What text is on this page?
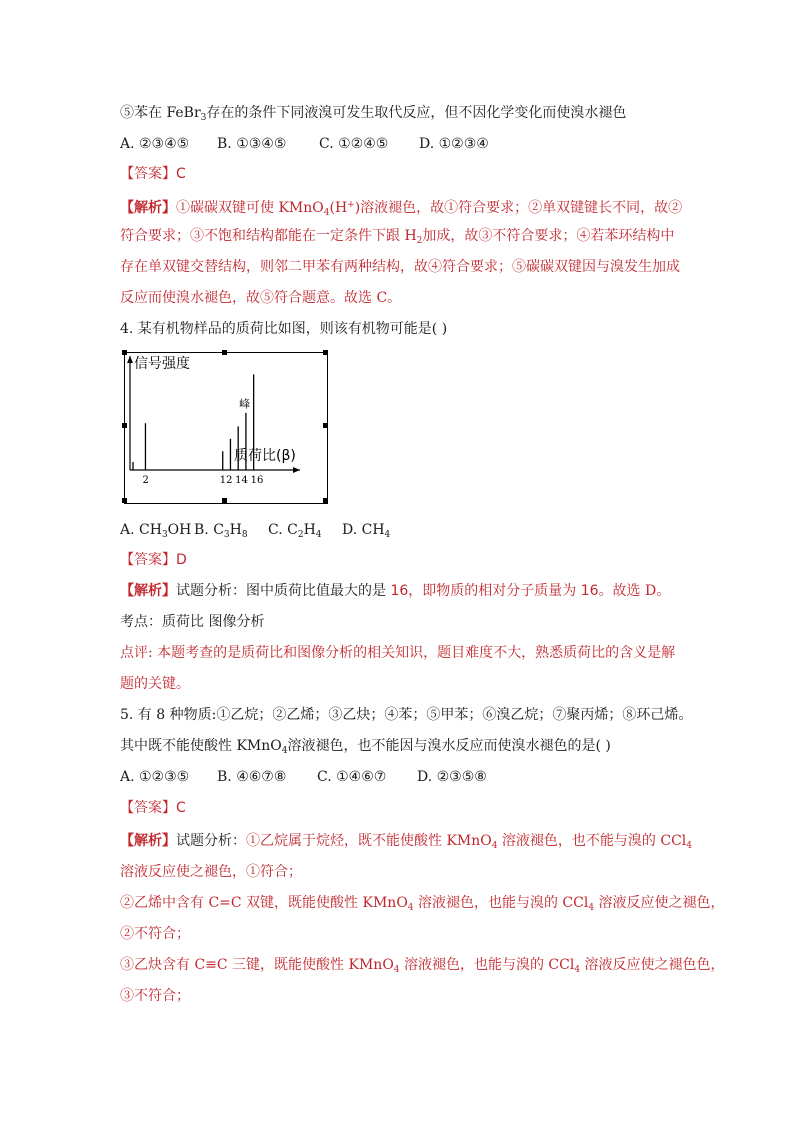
⑤苯在 FeBr$_3$存在的条件下同液溴可发生取代反应，但不因化学变化而使溴水褪色
A. ②③④⑤ B. ①③④⑤ C. ①②④⑤ D. ①②③④
【答案】C
【解析】①碳碳双键可使 KMnO$_4$(H+)溶液褪色，故①符合要求；②单双键键长不同，故②
符合要求；③不饱和结构都能在一定条件下跟 $H_2$加成，故③不符合要求；④若苯环结构中
存在单双键交替结构，则邻二甲苯有两种结构，故④符合要求；⑤碳碳双键因与溴发生加成
反应而使溴水褪色，故⑤符合题意。故选 C。
4. 某有机物样品的质荷比如图，则该有机物可能是( )
信号强度
质荷比(β)
2	12 14 16
峰
A. $CH_3OH$ B. $C_3H_8$ C. $C_2H_4$ D. $CH_4$
【答案】D
【解析】试题分析：图中质荷比值最大的是 16，即物质的相对分子质量为 16。故选 D。
考点：质荷比 图像分析
点评: 本题考查的是质荷比和图像分析的相关知识，题目难度不大，熟悉质荷比的含义是解
题的关键。
5. 有 8 种物质:①乙烷；②乙烯；③乙炔；④苯；⑤甲苯；⑥溴乙烷；⑦聚丙烯；⑧环己烯。
其中既不能使酸性 KMnO$_4$溶液褪色，也不能因与溴水反应而使溴水褪色的是( )
A. ①②③⑤ B. ④⑥⑦⑧ C. ①④⑥⑦ D. ②③⑤⑧
【答案】C
【解析】试题分析：①乙烷属于烷烃，既不能使酸性 KMnO$_4$ 溶液褪色，也不能与溴的 CCl$_4$
溶液反应使之褪色，①符合；
②乙烯中含有 C=C 双键，既能使酸性 KMnO$_4$ 溶液褪色，也能与溴的 CCl$_4$ 溶液反应使之褪色，
②不符合；
③乙炔含有 C≡C 三键，既能使酸性 KMnO$_4$ 溶液褪色，也能与溴的 CCl$_4$ 溶液反应使之褪色色，
③不符合；
